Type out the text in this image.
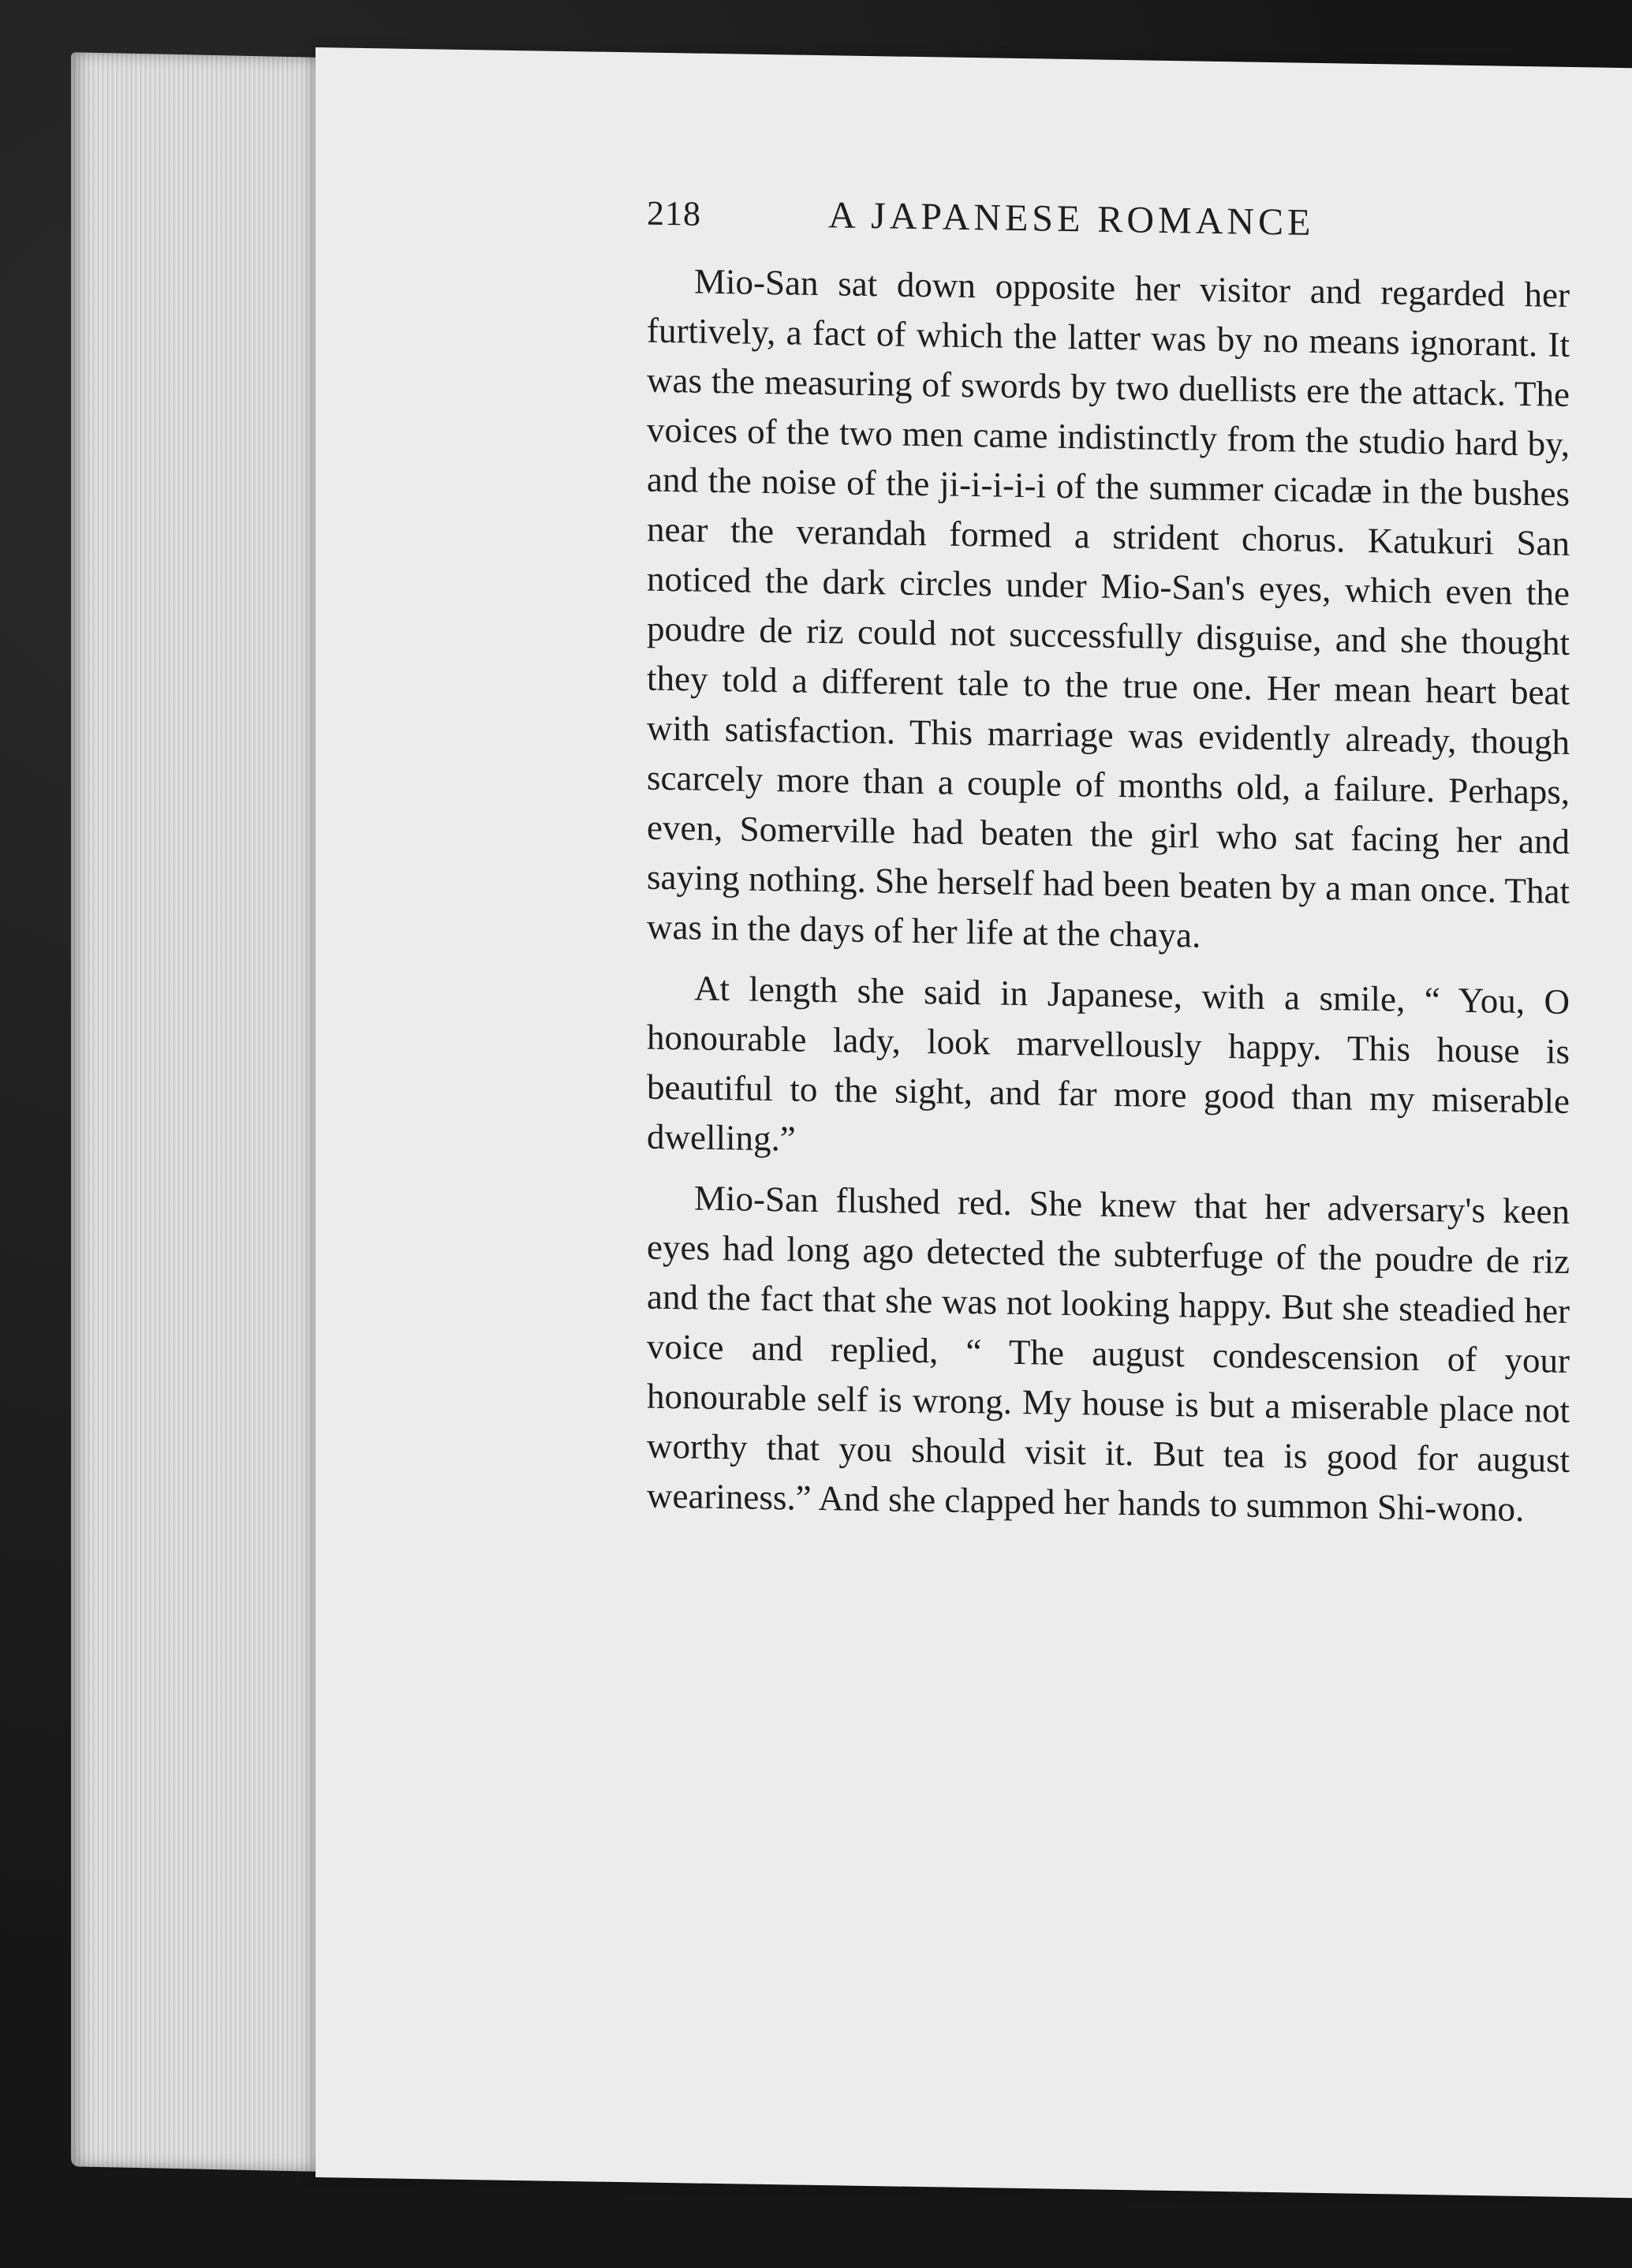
218	A JAPANESE ROMANCE

Mio-San sat down opposite her visitor and regarded her furtively, a fact of which the latter was by no means ignorant. It was the measuring of swords by two duellists ere the attack. The voices of the two men came indistinctly from the studio hard by, and the noise of the ji-i-i-i-i of the summer cicadæ in the bushes near the verandah formed a strident chorus. Katukuri San noticed the dark circles under Mio-San's eyes, which even the poudre de riz could not successfully disguise, and she thought they told a different tale to the true one. Her mean heart beat with satisfaction. This marriage was evidently already, though scarcely more than a couple of months old, a failure. Perhaps, even, Somerville had beaten the girl who sat facing her and saying nothing. She herself had been beaten by a man once. That was in the days of her life at the chaya.

At length she said in Japanese, with a smile, “ You, O honourable lady, look marvellously happy. This house is beautiful to the sight, and far more good than my miserable dwelling.”

Mio-San flushed red. She knew that her adversary's keen eyes had long ago detected the subterfuge of the poudre de riz and the fact that she was not looking happy. But she steadied her voice and replied, “ The august condescension of your honourable self is wrong. My house is but a miserable place not worthy that you should visit it. But tea is good for august weariness.” And she clapped her hands to summon Shi-wono.
